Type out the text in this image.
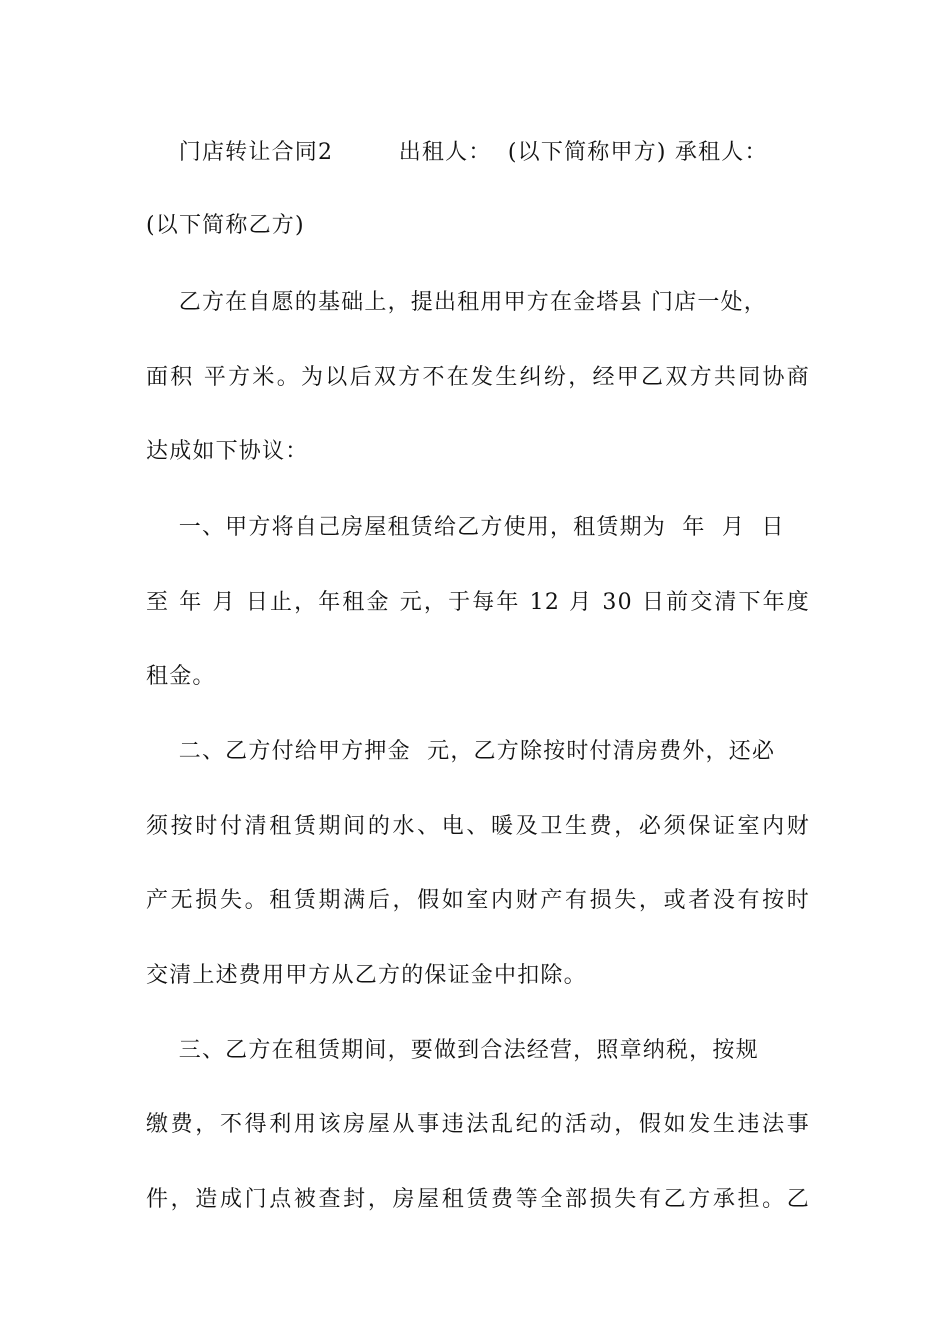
门店转让合同2        出租人：  (以下简称甲方) 承租人：
(以下简称乙方)
乙方在自愿的基础上，提出租用甲方在金塔县 门店一处，
面积 平方米。为以后双方不在发生纠纷，经甲乙双方共同协商
达成如下协议：
一、甲方将自己房屋租赁给乙方使用，租赁期为  年  月  日
至 年 月 日止，年租金 元，于每年 12 月 30 日前交清下年度
租金。
二、乙方付给甲方押金  元，乙方除按时付清房费外，还必
须按时付清租赁期间的水、电、暖及卫生费，必须保证室内财
产无损失。租赁期满后，假如室内财产有损失，或者没有按时
交清上述费用甲方从乙方的保证金中扣除。
三、乙方在租赁期间，要做到合法经营，照章纳税，按规
缴费，不得利用该房屋从事违法乱纪的活动，假如发生违法事
件，造成门点被查封，房屋租赁费等全部损失有乙方承担。乙
